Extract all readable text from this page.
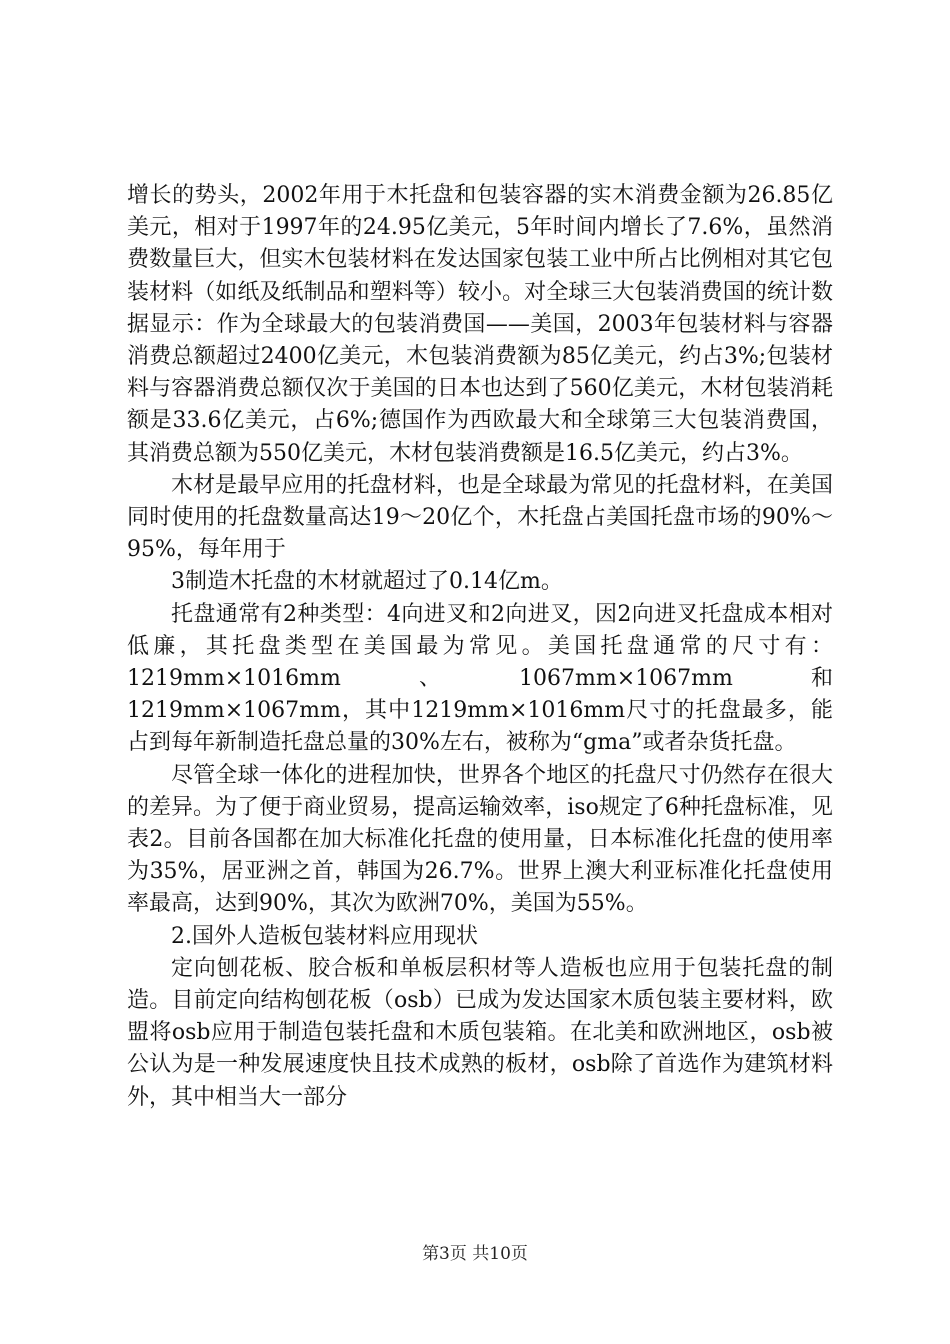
增长的势头，2002年用于木托盘和包装容器的实木消费金额为26.85亿美元，相对于1997年的24.95亿美元，5年时间内增长了7.6%，虽然消费数量巨大，但实木包装材料在发达国家包装工业中所占比例相对其它包装材料（如纸及纸制品和塑料等）较小。对全球三大包装消费国的统计数据显示：作为全球最大的包装消费国——美国，2003年包装材料与容器消费总额超过2400亿美元，木包装消费额为85亿美元，约占3%;包装材料与容器消费总额仅次于美国的日本也达到了560亿美元，木材包装消耗额是33.6亿美元，占6%;德国作为西欧最大和全球第三大包装消费国，其消费总额为550亿美元，木材包装消费额是16.5亿美元，约占3%。

木材是最早应用的托盘材料，也是全球最为常见的托盘材料，在美国同时使用的托盘数量高达19～20亿个，木托盘占美国托盘市场的90%～95%，每年用于

3制造木托盘的木材就超过了0.14亿m。

托盘通常有2种类型：4向进叉和2向进叉，因2向进叉托盘成本相对低廉，其托盘类型在美国最为常见。美国托盘通常的尺寸有：1219mm×1016mm、1067mm×1067mm和1219mm×1067mm，其中1219mm×1016mm尺寸的托盘最多，能占到每年新制造托盘总量的30%左右，被称为“gma”或者杂货托盘。

尽管全球一体化的进程加快，世界各个地区的托盘尺寸仍然存在很大的差异。为了便于商业贸易，提高运输效率，iso规定了6种托盘标准，见表2。目前各国都在加大标准化托盘的使用量，日本标准化托盘的使用率为35%，居亚洲之首，韩国为26.7%。世界上澳大利亚标准化托盘使用率最高，达到90%，其次为欧洲70%，美国为55%。

2.国外人造板包装材料应用现状

定向刨花板、胶合板和单板层积材等人造板也应用于包装托盘的制造。目前定向结构刨花板（osb）已成为发达国家木质包装主要材料，欧盟将osb应用于制造包装托盘和木质包装箱。在北美和欧洲地区，osb被公认为是一种发展速度快且技术成熟的板材，osb除了首选作为建筑材料外，其中相当大一部分

第3页 共10页
